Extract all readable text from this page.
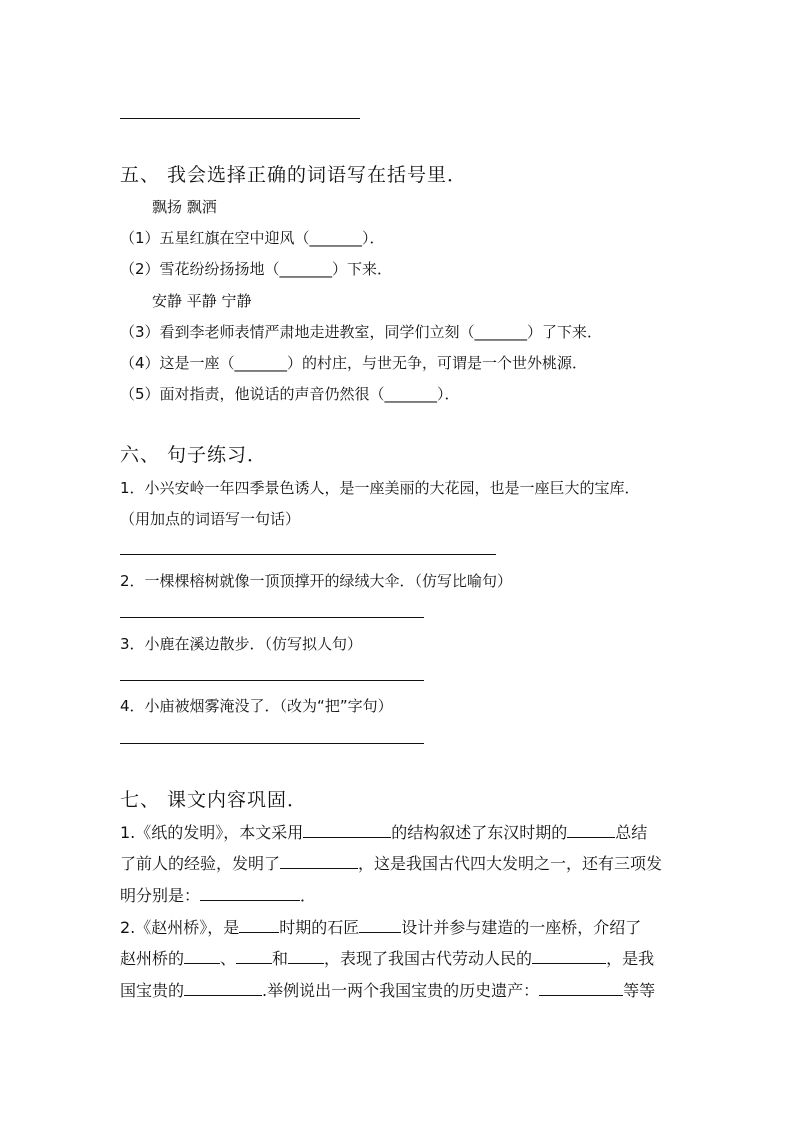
五、 我会选择正确的词语写在括号里．
飘扬 飘洒
（1）五星红旗在空中迎风（_______）．
（2）雪花纷纷扬扬地（_______）下来．
安静 平静 宁静
（3）看到李老师表情严肃地走进教室，同学们立刻（_______）了下来．
（4）这是一座（_______）的村庄，与世无争，可谓是一个世外桃源．
（5）面对指责，他说话的声音仍然很（_______）．
六、 句子练习．
1．小兴安岭一年四季景色诱人，是一座美丽的大花园，也是一座巨大的宝库．
（用加点的词语写一句话）
2．一棵棵榕树就像一顶顶撑开的绿绒大伞．（仿写比喻句）
3．小鹿在溪边散步．（仿写拟人句）
4．小庙被烟雾淹没了．（改为“把”字句）
七、 课文内容巩固．
1.《纸的发明》，本文采用	的结构叙述了东汉时期的	总结
了前人的经验，发明了	，这是我国古代四大发明之一，还有三项发
明分别是：	．
2.《赵州桥》，是	时期的石匠	设计并参与建造的一座桥，介绍了
赵州桥的 、 和 ，表现了我国古代劳动人民的	，是我
国宝贵的	.举例说出一两个我国宝贵的历史遗产：	等等
